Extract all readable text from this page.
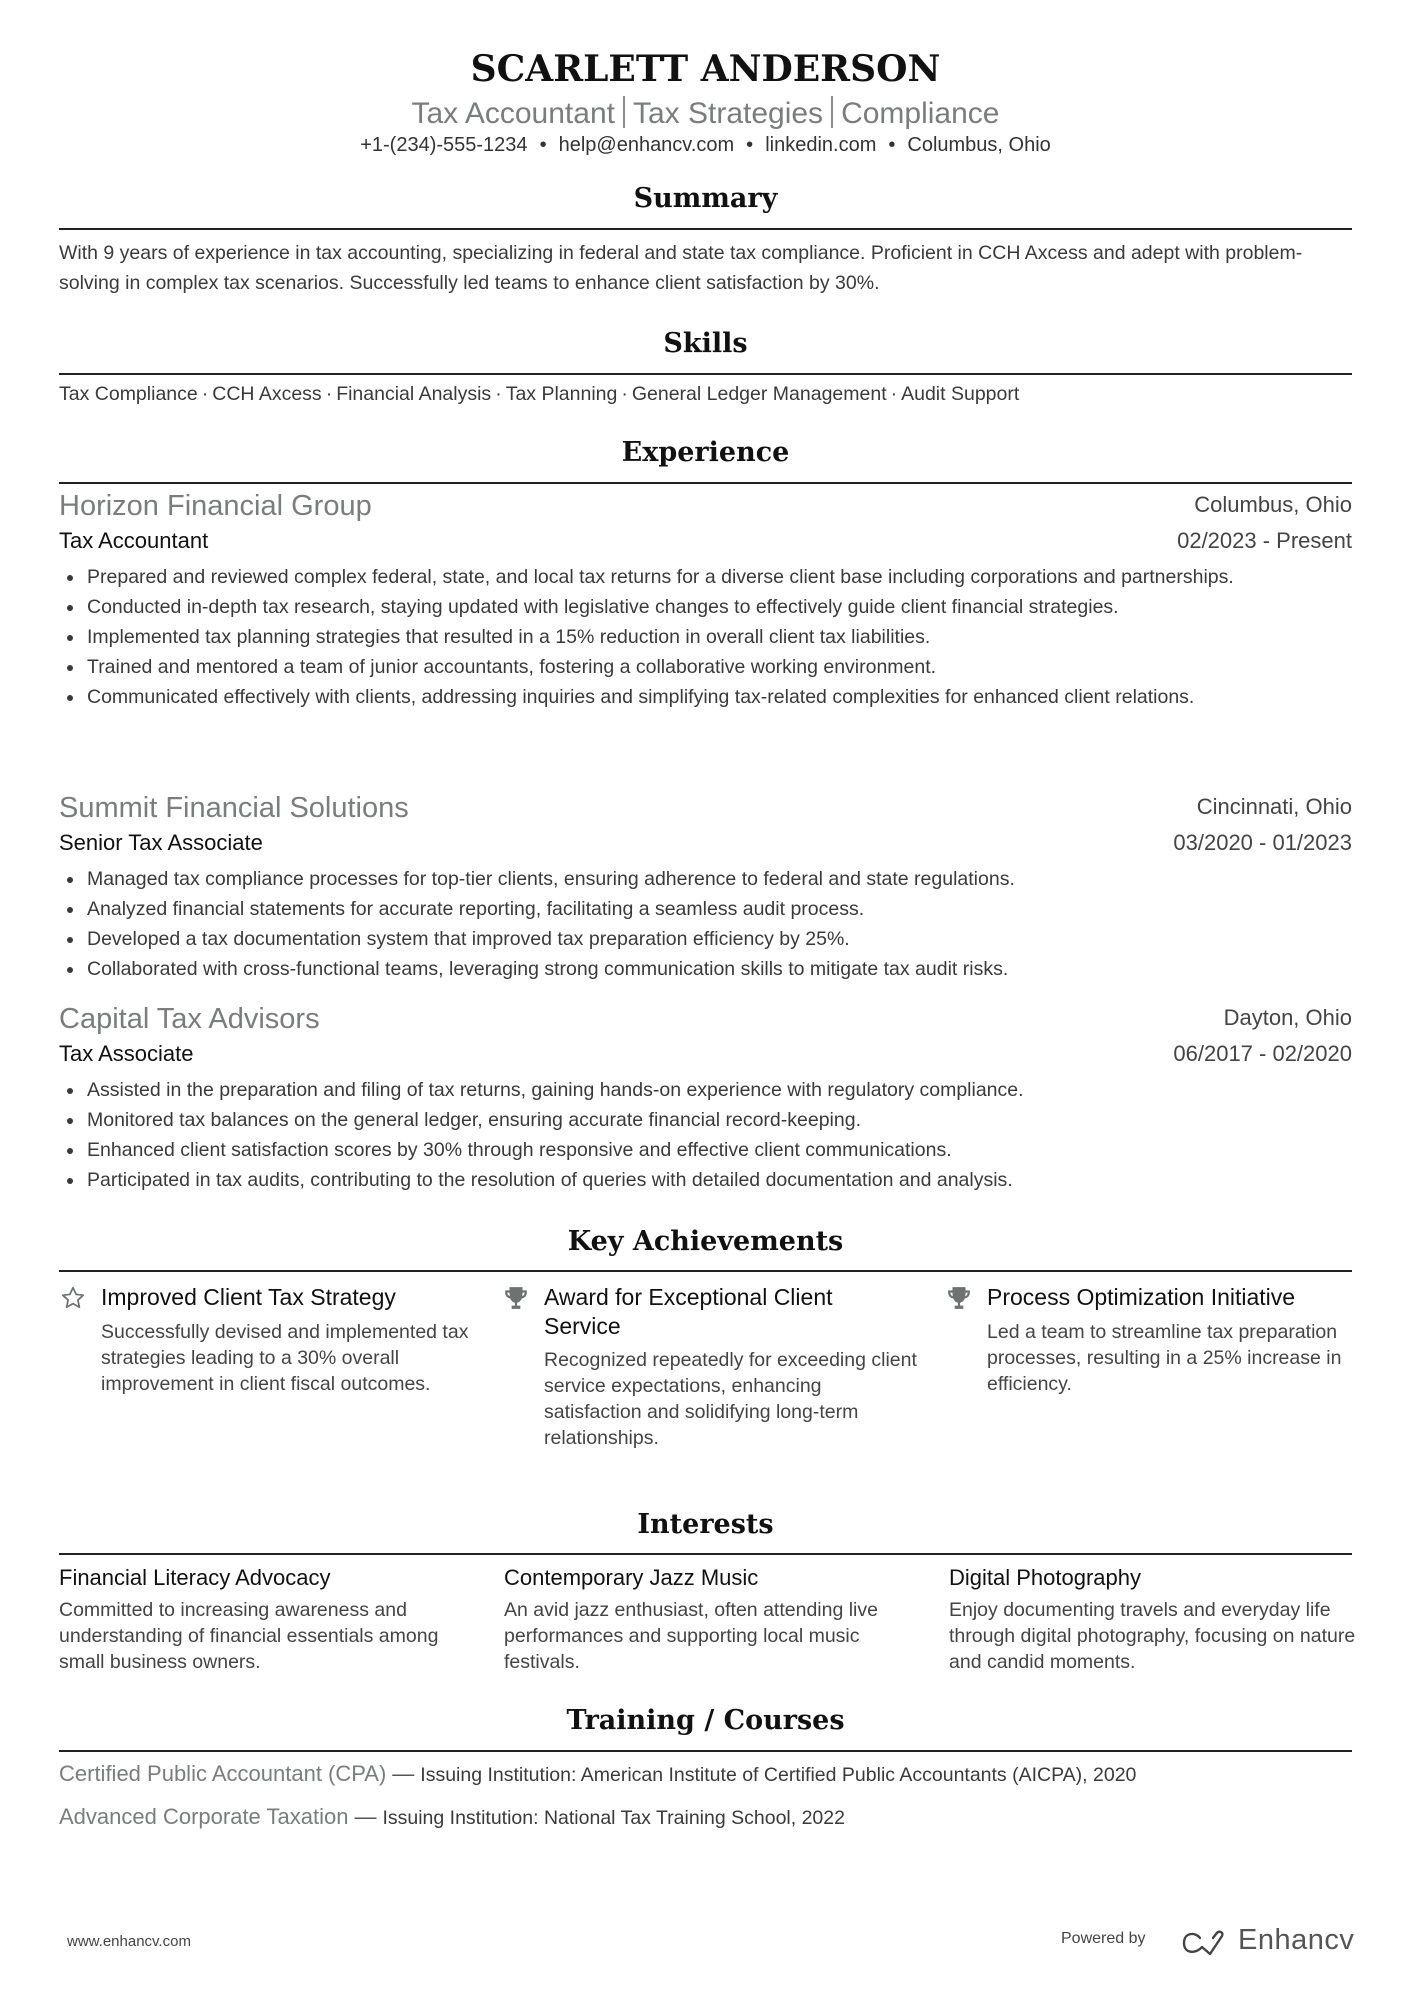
SCARLETT ANDERSON
Tax Accountant Tax Strategies Compliance
+1-(234)-555-1234 • help@enhancv.com • linkedin.com • Columbus, Ohio
Summary
With 9 years of experience in tax accounting, specializing in federal and state tax compliance. Proficient in CCH Axcess and adept with problem-solving in complex tax scenarios. Successfully led teams to enhance client satisfaction by 30%.
Skills
Tax Compliance · CCH Axcess · Financial Analysis · Tax Planning · General Ledger Management · Audit Support
Experience
Horizon Financial Group	Columbus, Ohio
Tax Accountant	02/2023 - Present
Prepared and reviewed complex federal, state, and local tax returns for a diverse client base including corporations and partnerships.
Conducted in-depth tax research, staying updated with legislative changes to effectively guide client financial strategies.
Implemented tax planning strategies that resulted in a 15% reduction in overall client tax liabilities.
Trained and mentored a team of junior accountants, fostering a collaborative working environment.
Communicated effectively with clients, addressing inquiries and simplifying tax-related complexities for enhanced client relations.
Summit Financial Solutions	Cincinnati, Ohio
Senior Tax Associate	03/2020 - 01/2023
Managed tax compliance processes for top-tier clients, ensuring adherence to federal and state regulations.
Analyzed financial statements for accurate reporting, facilitating a seamless audit process.
Developed a tax documentation system that improved tax preparation efficiency by 25%.
Collaborated with cross-functional teams, leveraging strong communication skills to mitigate tax audit risks.
Capital Tax Advisors	Dayton, Ohio
Tax Associate	06/2017 - 02/2020
Assisted in the preparation and filing of tax returns, gaining hands-on experience with regulatory compliance.
Monitored tax balances on the general ledger, ensuring accurate financial record-keeping.
Enhanced client satisfaction scores by 30% through responsive and effective client communications.
Participated in tax audits, contributing to the resolution of queries with detailed documentation and analysis.
Key Achievements
Improved Client Tax Strategy
Successfully devised and implemented tax strategies leading to a 30% overall improvement in client fiscal outcomes.
Award for Exceptional Client Service
Recognized repeatedly for exceeding client service expectations, enhancing satisfaction and solidifying long-term relationships.
Process Optimization Initiative
Led a team to streamline tax preparation processes, resulting in a 25% increase in efficiency.
Interests
Financial Literacy Advocacy
Committed to increasing awareness and understanding of financial essentials among small business owners.
Contemporary Jazz Music
An avid jazz enthusiast, often attending live performances and supporting local music festivals.
Digital Photography
Enjoy documenting travels and everyday life through digital photography, focusing on nature and candid moments.
Training / Courses
Certified Public Accountant (CPA) — Issuing Institution: American Institute of Certified Public Accountants (AICPA), 2020
Advanced Corporate Taxation — Issuing Institution: National Tax Training School, 2022
www.enhancv.com	Powered by	Enhancv
